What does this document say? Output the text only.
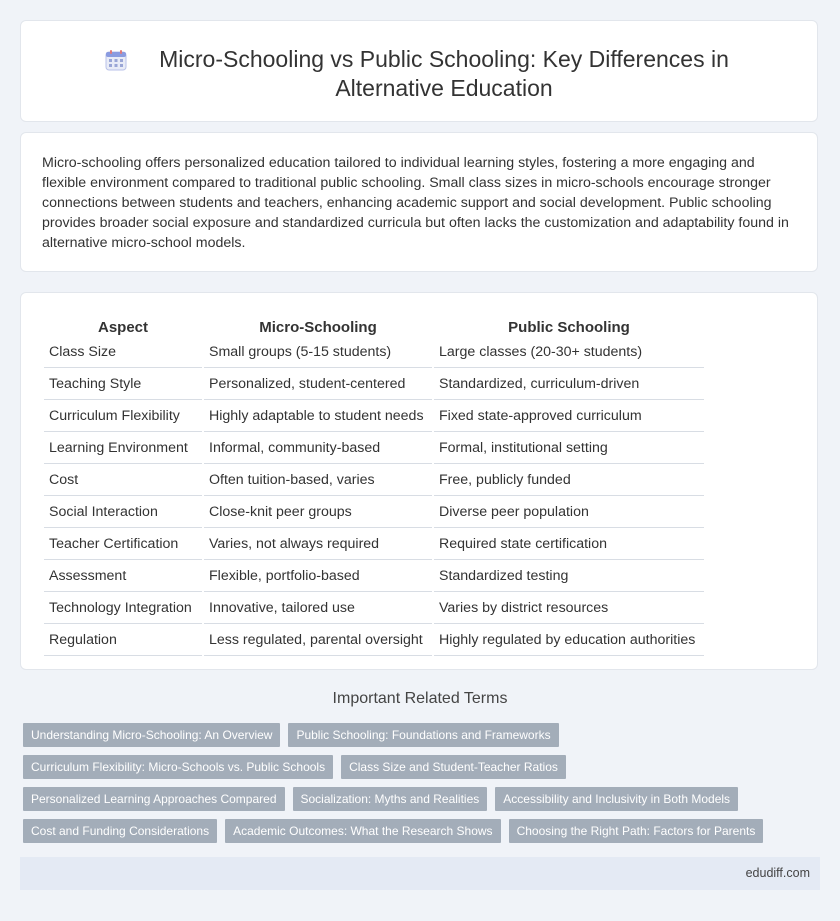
Micro-Schooling vs Public Schooling: Key Differences in Alternative Education

Micro-schooling offers personalized education tailored to individual learning styles, fostering a more engaging and flexible environment compared to traditional public schooling. Small class sizes in micro-schools encourage stronger connections between students and teachers, enhancing academic support and social development. Public schooling provides broader social exposure and standardized curricula but often lacks the customization and adaptability found in alternative micro-school models.

Aspect	Micro-Schooling	Public Schooling
Class Size	Small groups (5-15 students)	Large classes (20-30+ students)
Teaching Style	Personalized, student-centered	Standardized, curriculum-driven
Curriculum Flexibility	Highly adaptable to student needs	Fixed state-approved curriculum
Learning Environment	Informal, community-based	Formal, institutional setting
Cost	Often tuition-based, varies	Free, publicly funded
Social Interaction	Close-knit peer groups	Diverse peer population
Teacher Certification	Varies, not always required	Required state certification
Assessment	Flexible, portfolio-based	Standardized testing
Technology Integration	Innovative, tailored use	Varies by district resources
Regulation	Less regulated, parental oversight	Highly regulated by education authorities
Important Related Terms
Understanding Micro-Schooling: An Overview	Public Schooling: Foundations and Frameworks
Curriculum Flexibility: Micro-Schools vs. Public Schools	Class Size and Student-Teacher Ratios
Personalized Learning Approaches Compared	Socialization: Myths and Realities	Accessibility and Inclusivity in Both Models
Cost and Funding Considerations	Academic Outcomes: What the Research Shows	Choosing the Right Path: Factors for Parents
edudiff.com
